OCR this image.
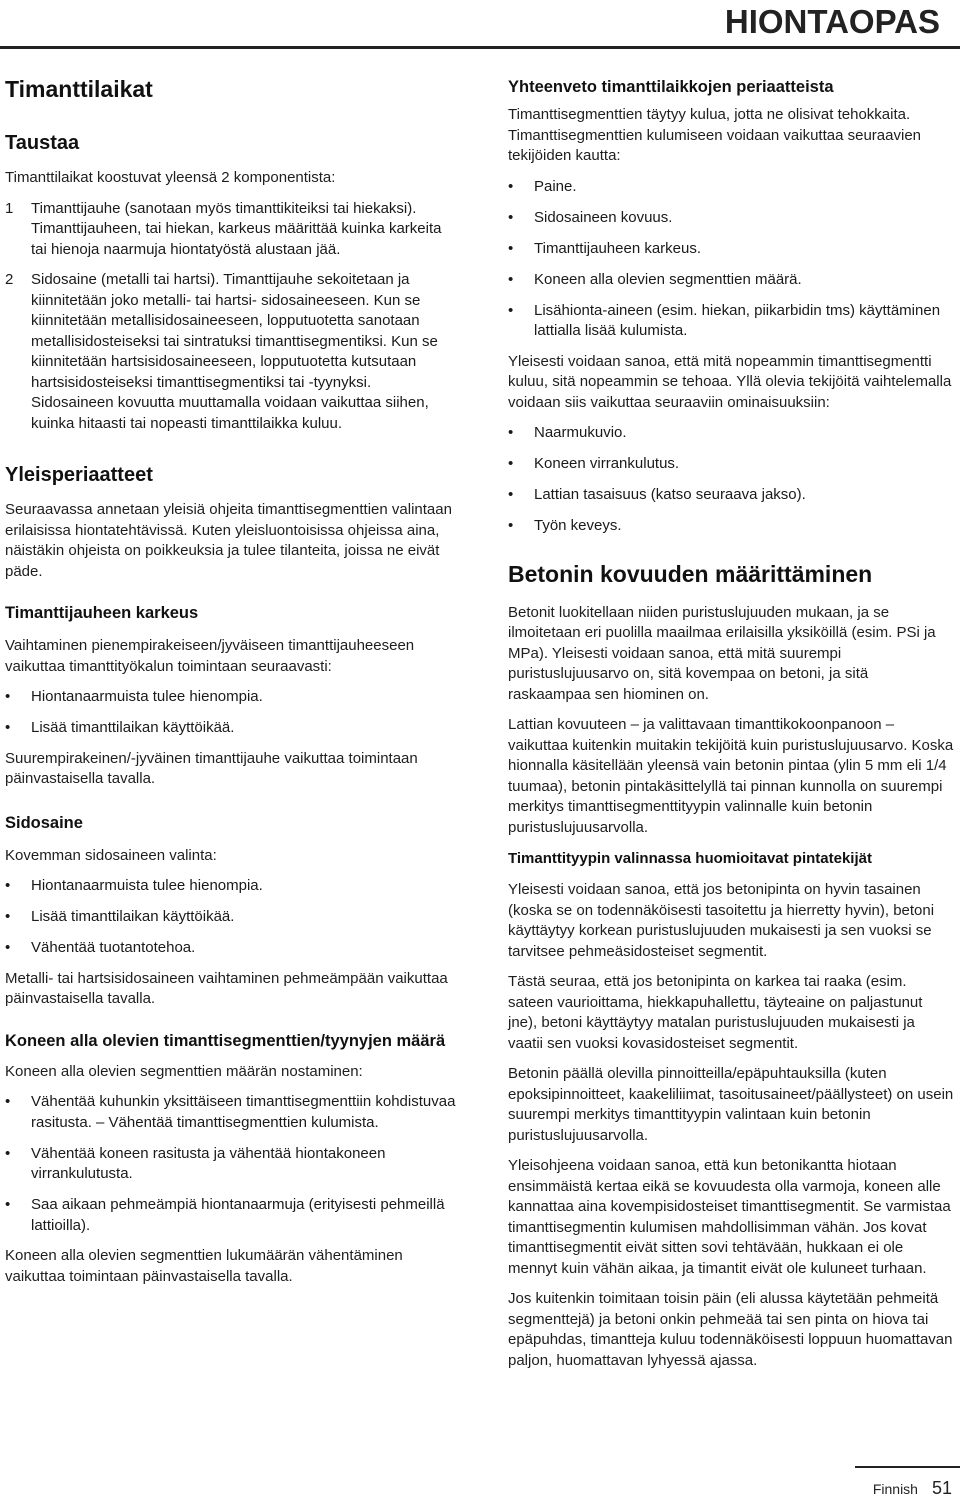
HIONTAOPAS
Timanttilaikat
Taustaa

Timanttilaikat koostuvat yleensä 2 komponentista:

1 Timanttijauhe (sanotaan myös timanttikiteiksi tai hiekaksi). Timanttijauheen, tai hiekan, karkeus määrittää kuinka karkeita tai hienoja naarmuja hiontatyöstä alustaan jää.
2 Sidosaine (metalli tai hartsi). Timanttijauhe sekoitetaan ja kiinnitetään joko metalli- tai hartsi- sidosaineeseen. Kun se kiinnitetään metallisidosaineeseen, lopputuotetta sanotaan metallisidosteiseksi tai sintratuksi timanttisegmentiksi. Kun se kiinnitetään hartsisidosaineeseen, lopputuotetta kutsutaan hartsisidosteiseksi timanttisegmentiksi tai -tyynyksi. Sidosaineen kovuutta muuttamalla voidaan vaikuttaa siihen, kuinka hitaasti tai nopeasti timanttilaikka kuluu.
Yleisperiaatteet

Seuraavassa annetaan yleisiä ohjeita timanttisegmenttien valintaan erilaisissa hiontatehtävissä. Kuten yleisluontoisissa ohjeissa aina, näistäkin ohjeista on poikkeuksia ja tulee tilanteita, joissa ne eivät päde.

Timanttijauheen karkeus

Vaihtaminen pienempirakeiseen/jyväiseen timanttijauheeseen vaikuttaa timanttityökalun toimintaan seuraavasti:

• Hiontanaarmuista tulee hienompia.
• Lisää timanttilaikan käyttöikää.

Suurempirakeinen/-jyväinen timanttijauhe vaikuttaa toimintaan päinvastaisella tavalla.

Sidosaine

Kovemman sidosaineen valinta:

• Hiontanaarmuista tulee hienompia.
• Lisää timanttilaikan käyttöikää.
• Vähentää tuotantotehoa.

Metalli- tai hartsisidosaineen vaihtaminen pehmeämpään vaikuttaa päinvastaisella tavalla.

Koneen alla olevien timanttisegmenttien/tyynyjen määrä

Koneen alla olevien segmenttien määrän nostaminen:

• Vähentää kuhunkin yksittäiseen timanttisegmenttiin kohdistuvaa rasitusta. – Vähentää timanttisegmenttien kulumista.
• Vähentää koneen rasitusta ja vähentää hiontakoneen virrankulutusta.
• Saa aikaan pehmeämpiä hiontanaarmuja (erityisesti pehmeillä lattioilla).

Koneen alla olevien segmenttien lukumäärän vähentäminen vaikuttaa toimintaan päinvastaisella tavalla.

Yhteenveto timanttilaikkojen periaatteista

Timanttisegmenttien täytyy kulua, jotta ne olisivat tehokkaita. Timanttisegmenttien kulumiseen voidaan vaikuttaa seuraavien tekijöiden kautta:

• Paine.
• Sidosaineen kovuus.
• Timanttijauheen karkeus.
• Koneen alla olevien segmenttien määrä.
• Lisähionta-aineen (esim. hiekan, piikarbidin tms) käyttäminen lattialla lisää kulumista.

Yleisesti voidaan sanoa, että mitä nopeammin timanttisegmentti kuluu, sitä nopeammin se tehoaa. Yllä olevia tekijöitä vaihtelemalla voidaan siis vaikuttaa seuraaviin ominaisuuksiin:

• Naarmukuvio.
• Koneen virrankulutus.
• Lattian tasaisuus (katso seuraava jakso).
• Työn keveys.
Betonin kovuuden määrittäminen

Betonit luokitellaan niiden puristuslujuuden mukaan, ja se ilmoitetaan eri puolilla maailmaa erilaisilla yksiköillä (esim. PSi ja MPa). Yleisesti voidaan sanoa, että mitä suurempi puristuslujuusarvo on, sitä kovempaa on betoni, ja sitä raskaampaa sen hiominen on.

Lattian kovuuteen – ja valittavaan timanttikokoonpanoon – vaikuttaa kuitenkin muitakin tekijöitä kuin puristuslujuusarvo. Koska hionnalla käsitellään yleensä vain betonin pintaa (ylin 5 mm eli 1/4 tuumaa), betonin pintakäsittelyllä tai pinnan kunnolla on suurempi merkitys timanttisegmenttityypin valinnalle kuin betonin puristuslujuusarvolla.

Timanttityypin valinnassa huomioitavat pintatekijät

Yleisesti voidaan sanoa, että jos betonipinta on hyvin tasainen (koska se on todennäköisesti tasoitettu ja hierretty hyvin), betoni käyttäytyy korkean puristuslujuuden mukaisesti ja sen vuoksi se tarvitsee pehmeäsidosteiset segmentit.

Tästä seuraa, että jos betonipinta on karkea tai raaka (esim. sateen vaurioittama, hiekkapuhallettu, täyteaine on paljastunut jne), betoni käyttäytyy matalan puristuslujuuden mukaisesti ja vaatii sen vuoksi kovasidosteiset segmentit.

Betonin päällä olevilla pinnoitteilla/epäpuhtauksilla (kuten epoksipinnoitteet, kaakeliliimat, tasoitusaineet/päällysteet) on usein suurempi merkitys timanttityypin valintaan kuin betonin puristuslujuusarvolla.

Yleisohjeena voidaan sanoa, että kun betonikantta hiotaan ensimmäistä kertaa eikä se kovuudesta olla varmoja, koneen alle kannattaa aina kovempisidosteiset timanttisegmentit. Se varmistaa timanttisegmentin kulumisen mahdollisimman vähän. Jos kovat timanttisegmentit eivät sitten sovi tehtävään, hukkaan ei ole mennyt kuin vähän aikaa, ja timantit eivät ole kuluneet turhaan.

Jos kuitenkin toimitaan toisin päin (eli alussa käytetään pehmeitä segmenttejä) ja betoni onkin pehmeää tai sen pinta on hiova tai epäpuhdas, timantteja kuluu todennäköisesti loppuun huomattavan paljon, huomattavan lyhyessä ajassa.

Finnish 51
